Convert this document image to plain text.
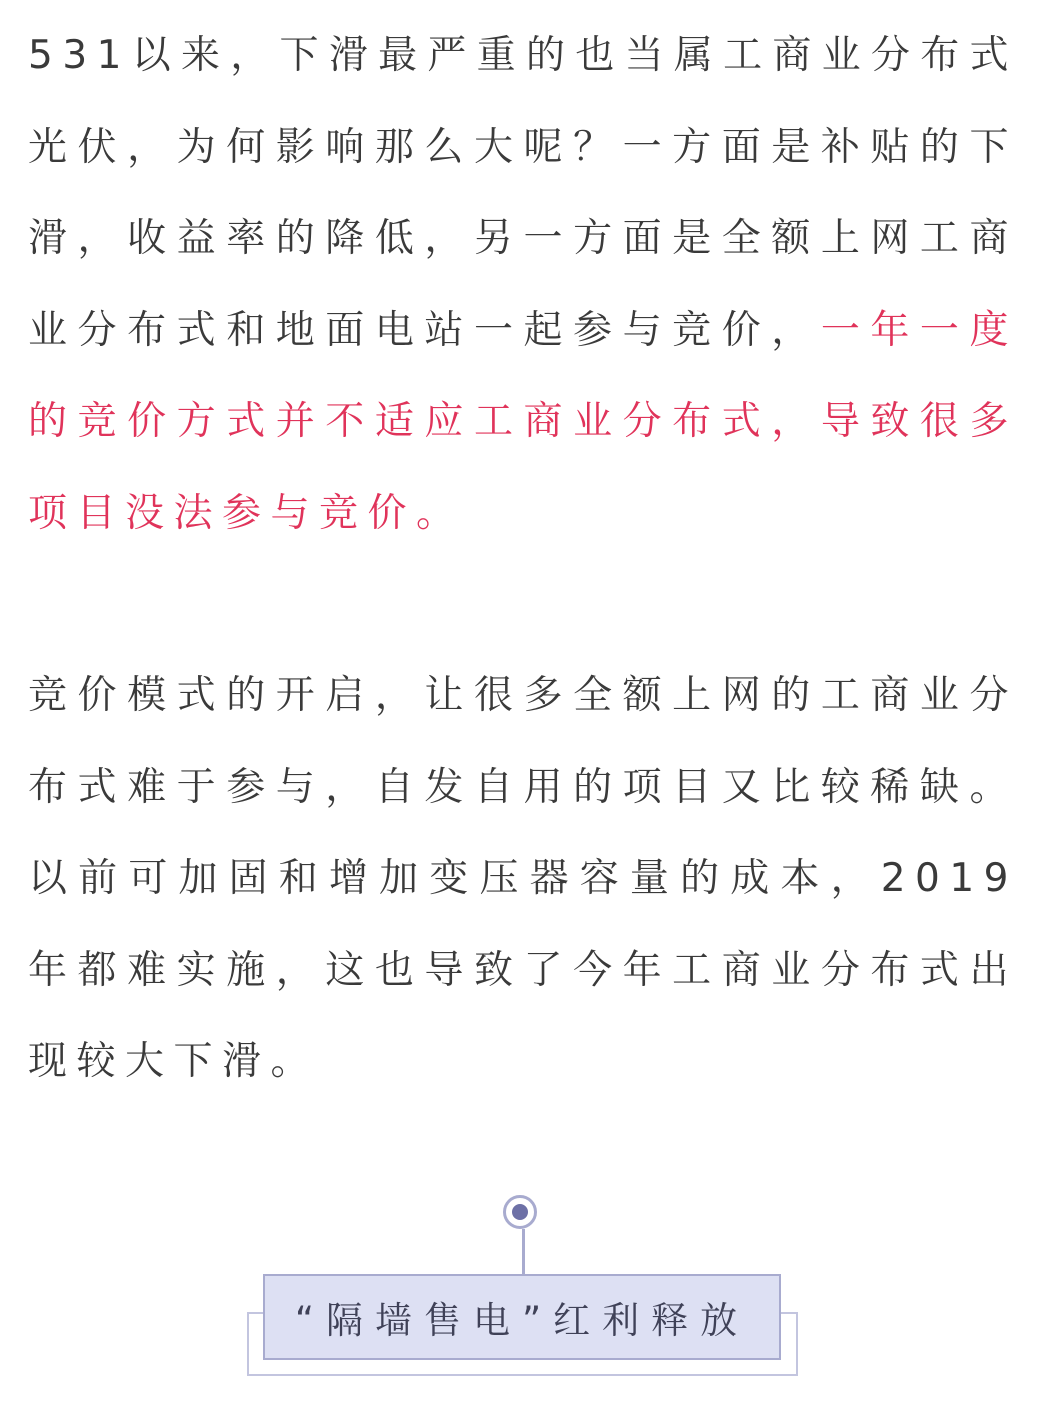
531以来，下滑最严重的也当属工商业分布式光伏，为何影响那么大呢？一方面是补贴的下滑，收益率的降低，另一方面是全额上网工商业分布式和地面电站一起参与竞价，一年一度的竞价方式并不适应工商业分布式，导致很多项目没法参与竞价。

竞价模式的开启，让很多全额上网的工商业分布式难于参与，自发自用的项目又比较稀缺。以前可加固和增加变压器容量的成本，2019年都难实施，这也导致了今年工商业分布式出现较大下滑。

“隔墙售电”红利释放
